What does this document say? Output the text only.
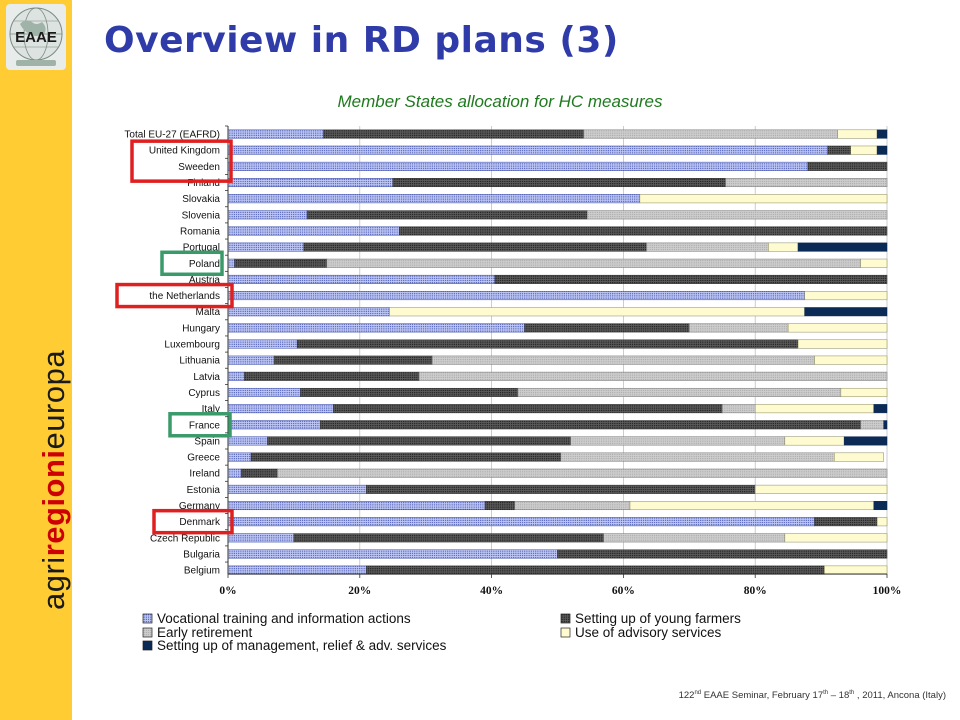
EAAE
agriregionieuropa
Overview in RD plans (3)
Total EU-27 (EAFRD)
United Kingdom
Sweeden
Finland
Slovakia
Slovenia
Romania
Portugal
Poland
Austria
the Netherlands
Malta
Hungary
Luxembourg
Lithuania
Latvia
Cyprus
Italy
France
Spain
Greece
Ireland
Estonia
Germany
Denmark
Czech Republic
Bulgaria
Belgium
0%	20%	40%	60%	80%	100%
Vocational training and information actions	Setting up of young farmers
Early retirement	Use of advisory services
Setting up of management, relief & adv. services
Member States allocation for HC measures
122nd EAAE Seminar, February 17th – 18th , 2011, Ancona (Italy)
